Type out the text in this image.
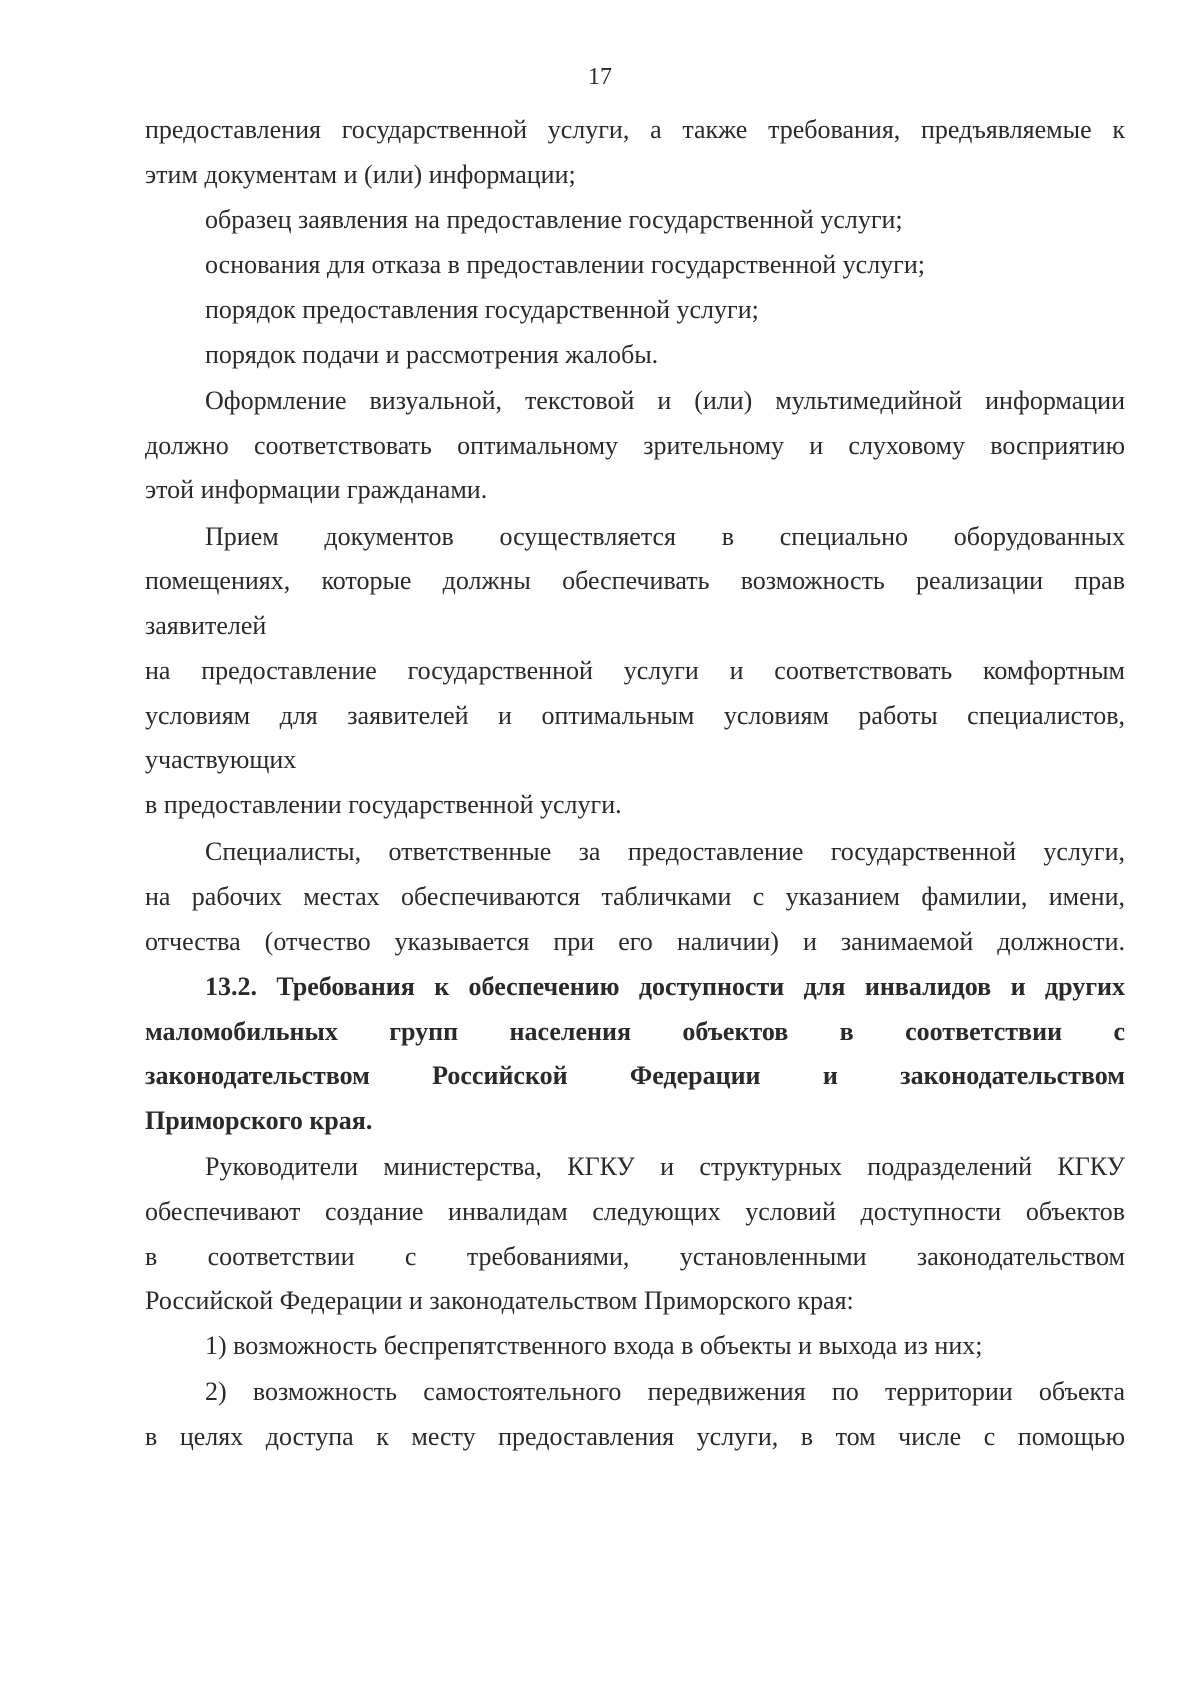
17
предоставления государственной услуги, а также требования, предъявляемые к
этим документам и (или) информации;
образец заявления на предоставление государственной услуги;
основания для отказа в предоставлении государственной услуги;
порядок предоставления государственной услуги;
порядок подачи и рассмотрения жалобы.
Оформление визуальной, текстовой и (или) мультимедийной информации
должно соответствовать оптимальному зрительному и слуховому восприятию
этой информации гражданами.
Прием документов осуществляется в специально оборудованных
помещениях, которые должны обеспечивать возможность реализации прав
заявителей
на предоставление государственной услуги и соответствовать комфортным
условиям для заявителей и оптимальным условиям работы специалистов,
участвующих
в предоставлении государственной услуги.
Специалисты, ответственные за предоставление государственной услуги,
на рабочих местах обеспечиваются табличками с указанием фамилии, имени,
отчества (отчество указывается при его наличии) и занимаемой должности.
13.2. Требования к обеспечению доступности для инвалидов и других
маломобильных групп населения объектов в соответствии с
законодательством Российской Федерации и законодательством
Приморского края.
Руководители министерства, КГКУ и структурных подразделений КГКУ
обеспечивают создание инвалидам следующих условий доступности объектов
в соответствии с требованиями, установленными законодательством
Российской Федерации и законодательством Приморского края:
1) возможность беспрепятственного входа в объекты и выхода из них;
2) возможность самостоятельного передвижения по территории объекта
в целях доступа к месту предоставления услуги, в том числе с помощью
